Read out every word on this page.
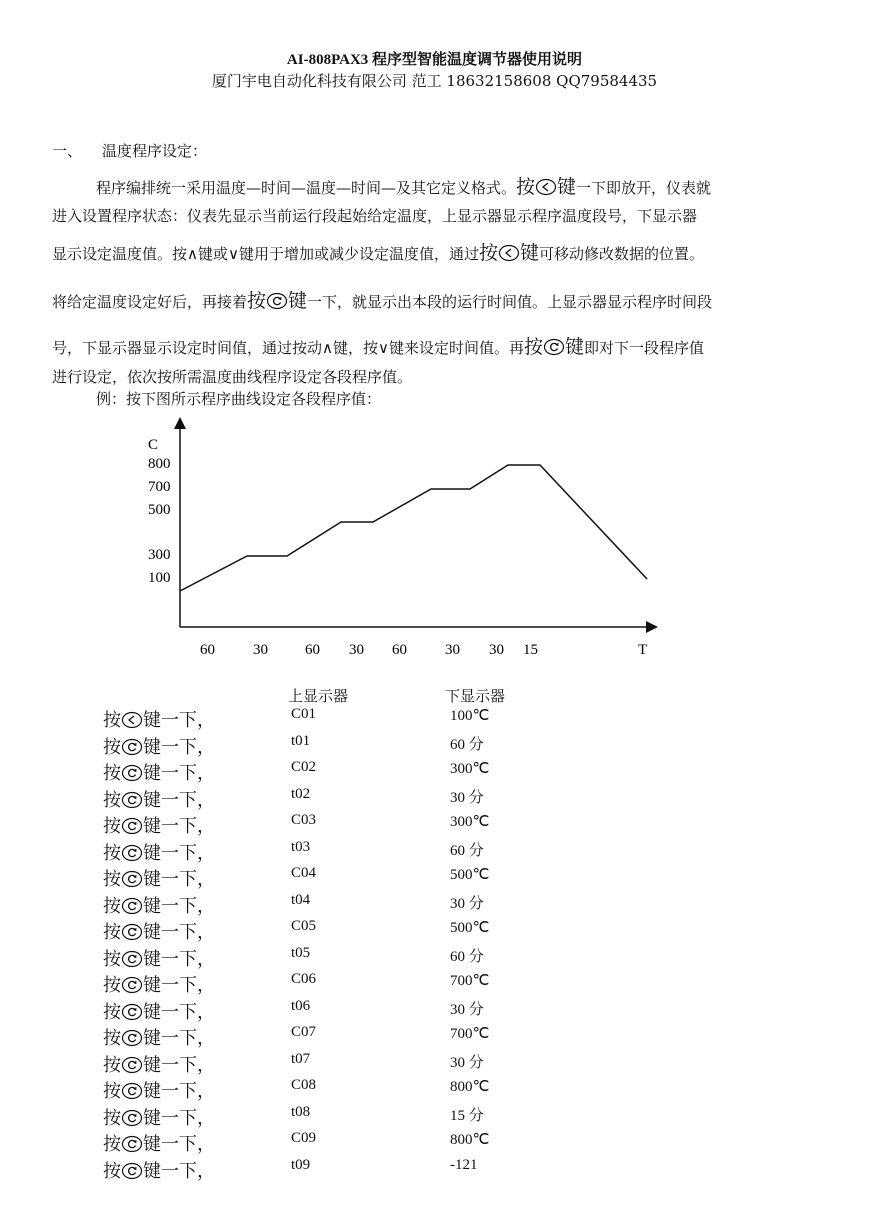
AI-808PAX3 程序型智能温度调节器使用说明
厦门宇电自动化科技有限公司 范工 18632158608 QQ79584435
一、 温度程序设定：
程序编排统一采用温度—时间—温度—时间—及其它定义格式。按 键一下即放开，仪表就
进入设置程序状态：仪表先显示当前运行段起始给定温度，上显示器显示程序温度段号，下显示器
显示设定温度值。按∧键或∨键用于增加或减少设定温度值，通过按 键可移动修改数据的位置。
将给定温度设定好后，再接着按 键一下，就显示出本段的运行时间值。上显示器显示程序时间段
号，下显示器显示设定时间值，通过按动∧键，按∨键来设定时间值。再按 键即对下一段程序值
进行设定，依次按所需温度曲线程序设定各段程序值。
例：按下图所示程序曲线设定各段程序值：
C
T
800
700
500
300
100
60	30 60 30 60	30 30 15
上显示器	下显示器
按 键一下，	C01	100℃
按 键一下，	t01	60 分
按 键一下，	C02	300℃
按 键一下，	t02	30 分
按 键一下，	C03	300℃
按 键一下，	t03	60 分
按 键一下，	C04	500℃
按 键一下，	t04	30 分
按 键一下，	C05	500℃
按 键一下，	t05	60 分
按 键一下，	C06	700℃
按 键一下，	t06	30 分
按 键一下，	C07	700℃
按 键一下，	t07	30 分
按 键一下，	C08	800℃
按 键一下，	t08	15 分
按 键一下，	C09	800℃
按 键一下，	t09	-121
